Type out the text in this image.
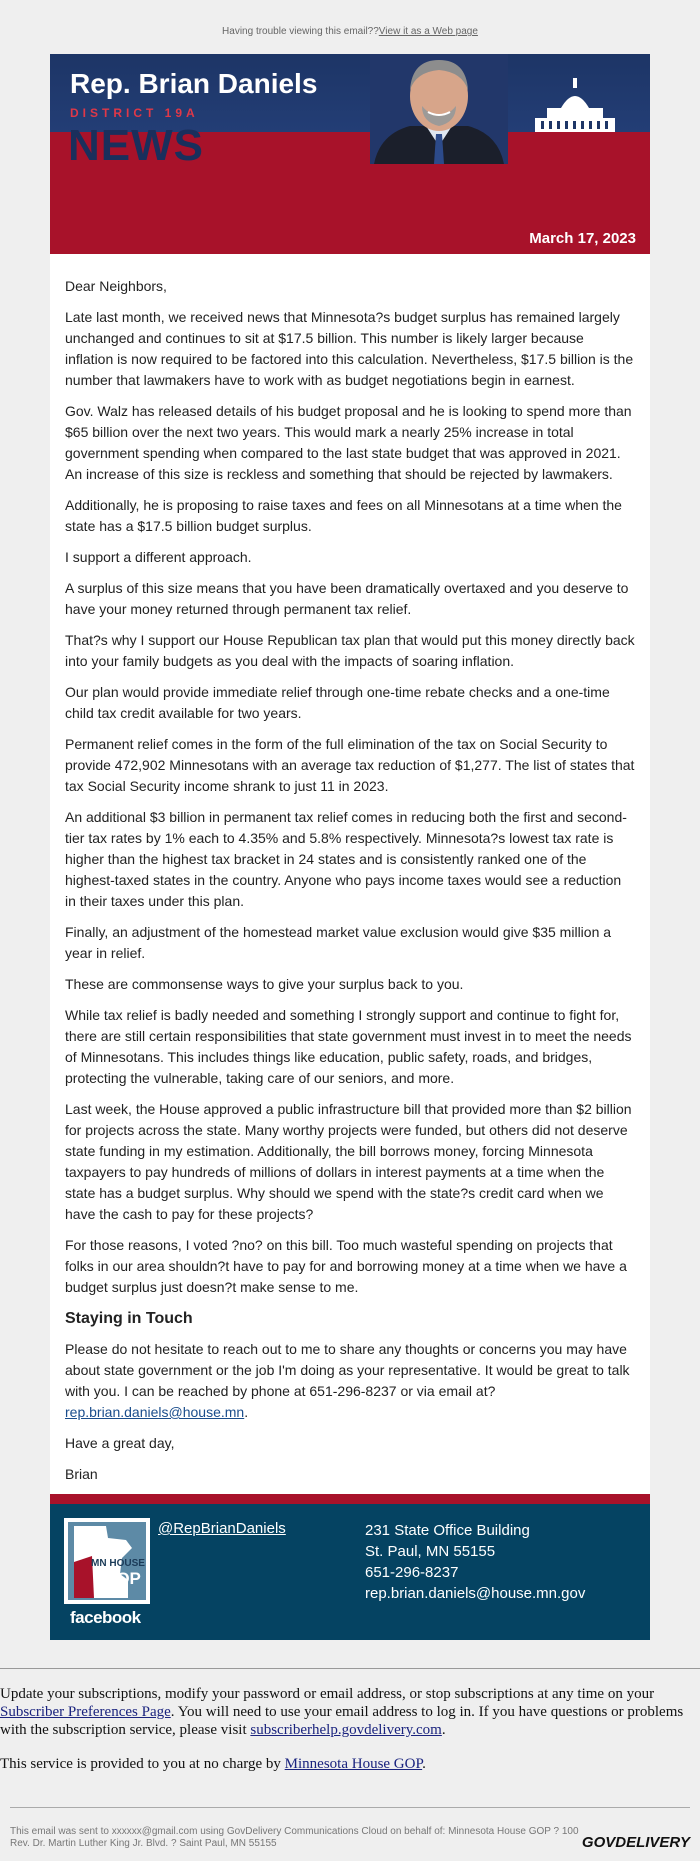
Having trouble viewing this email??View it as a Web page
Rep. Brian Daniels
DISTRICT 19A
NEWS
March 17, 2023

Dear Neighbors,

Late last month, we received news that Minnesota?s budget surplus has remained largely unchanged and continues to sit at $17.5 billion. This number is likely larger because inflation is now required to be factored into this calculation. Nevertheless, $17.5 billion is the number that lawmakers have to work with as budget negotiations begin in earnest.

Gov. Walz has released details of his budget proposal and he is looking to spend more than $65 billion over the next two years. This would mark a nearly 25% increase in total government spending when compared to the last state budget that was approved in 2021. An increase of this size is reckless and something that should be rejected by lawmakers.

Additionally, he is proposing to raise taxes and fees on all Minnesotans at a time when the state has a $17.5 billion budget surplus.

I support a different approach.

A surplus of this size means that you have been dramatically overtaxed and you deserve to have your money returned through permanent tax relief.

That?s why I support our House Republican tax plan that would put this money directly back into your family budgets as you deal with the impacts of soaring inflation.

Our plan would provide immediate relief through one-time rebate checks and a one-time child tax credit available for two years.

Permanent relief comes in the form of the full elimination of the tax on Social Security to provide 472,902 Minnesotans with an average tax reduction of $1,277. The list of states that tax Social Security income shrank to just 11 in 2023.

An additional $3 billion in permanent tax relief comes in reducing both the first and second-tier tax rates by 1% each to 4.35% and 5.8% respectively. Minnesota?s lowest tax rate is higher than the highest tax bracket in 24 states and is consistently ranked one of the highest-taxed states in the country. Anyone who pays income taxes would see a reduction in their taxes under this plan.

Finally, an adjustment of the homestead market value exclusion would give $35 million a year in relief.

These are commonsense ways to give your surplus back to you.

While tax relief is badly needed and something I strongly support and continue to fight for, there are still certain responsibilities that state government must invest in to meet the needs of Minnesotans. This includes things like education, public safety, roads, and bridges, protecting the vulnerable, taking care of our seniors, and more.

Last week, the House approved a public infrastructure bill that provided more than $2 billion for projects across the state. Many worthy projects were funded, but others did not deserve state funding in my estimation. Additionally, the bill borrows money, forcing Minnesota taxpayers to pay hundreds of millions of dollars in interest payments at a time when the state has a budget surplus. Why should we spend with the state?s credit card when we have the cash to pay for these projects?

For those reasons, I voted ?no? on this bill. Too much wasteful spending on projects that folks in our area shouldn?t have to pay for and borrowing money at a time when we have a budget surplus just doesn?t make sense to me.

Staying in Touch

Please do not hesitate to reach out to me to share any thoughts or concerns you may have about state government or the job I'm doing as your representative. It would be great to talk with you. I can be reached by phone at 651-296-8237 or via email at? rep.brian.daniels@house.mn.

Have a great day,

Brian

MN HOUSE
GOP
facebook
@RepBrianDaniels	231 State Office Building
St. Paul, MN 55155
651-296-8237
rep.brian.daniels@house.mn.gov

Update your subscriptions, modify your password or email address, or stop subscriptions at any time on your Subscriber Preferences Page. You will need to use your email address to log in. If you have questions or problems with the subscription service, please visit subscriberhelp.govdelivery.com.

This service is provided to you at no charge by Minnesota House GOP.

This email was sent to xxxxxx@gmail.com using GovDelivery Communications Cloud on behalf of: Minnesota House GOP ? 100 Rev. Dr. Martin Luther King Jr. Blvd. ? Saint Paul, MN 55155	GOVDELIVERY
